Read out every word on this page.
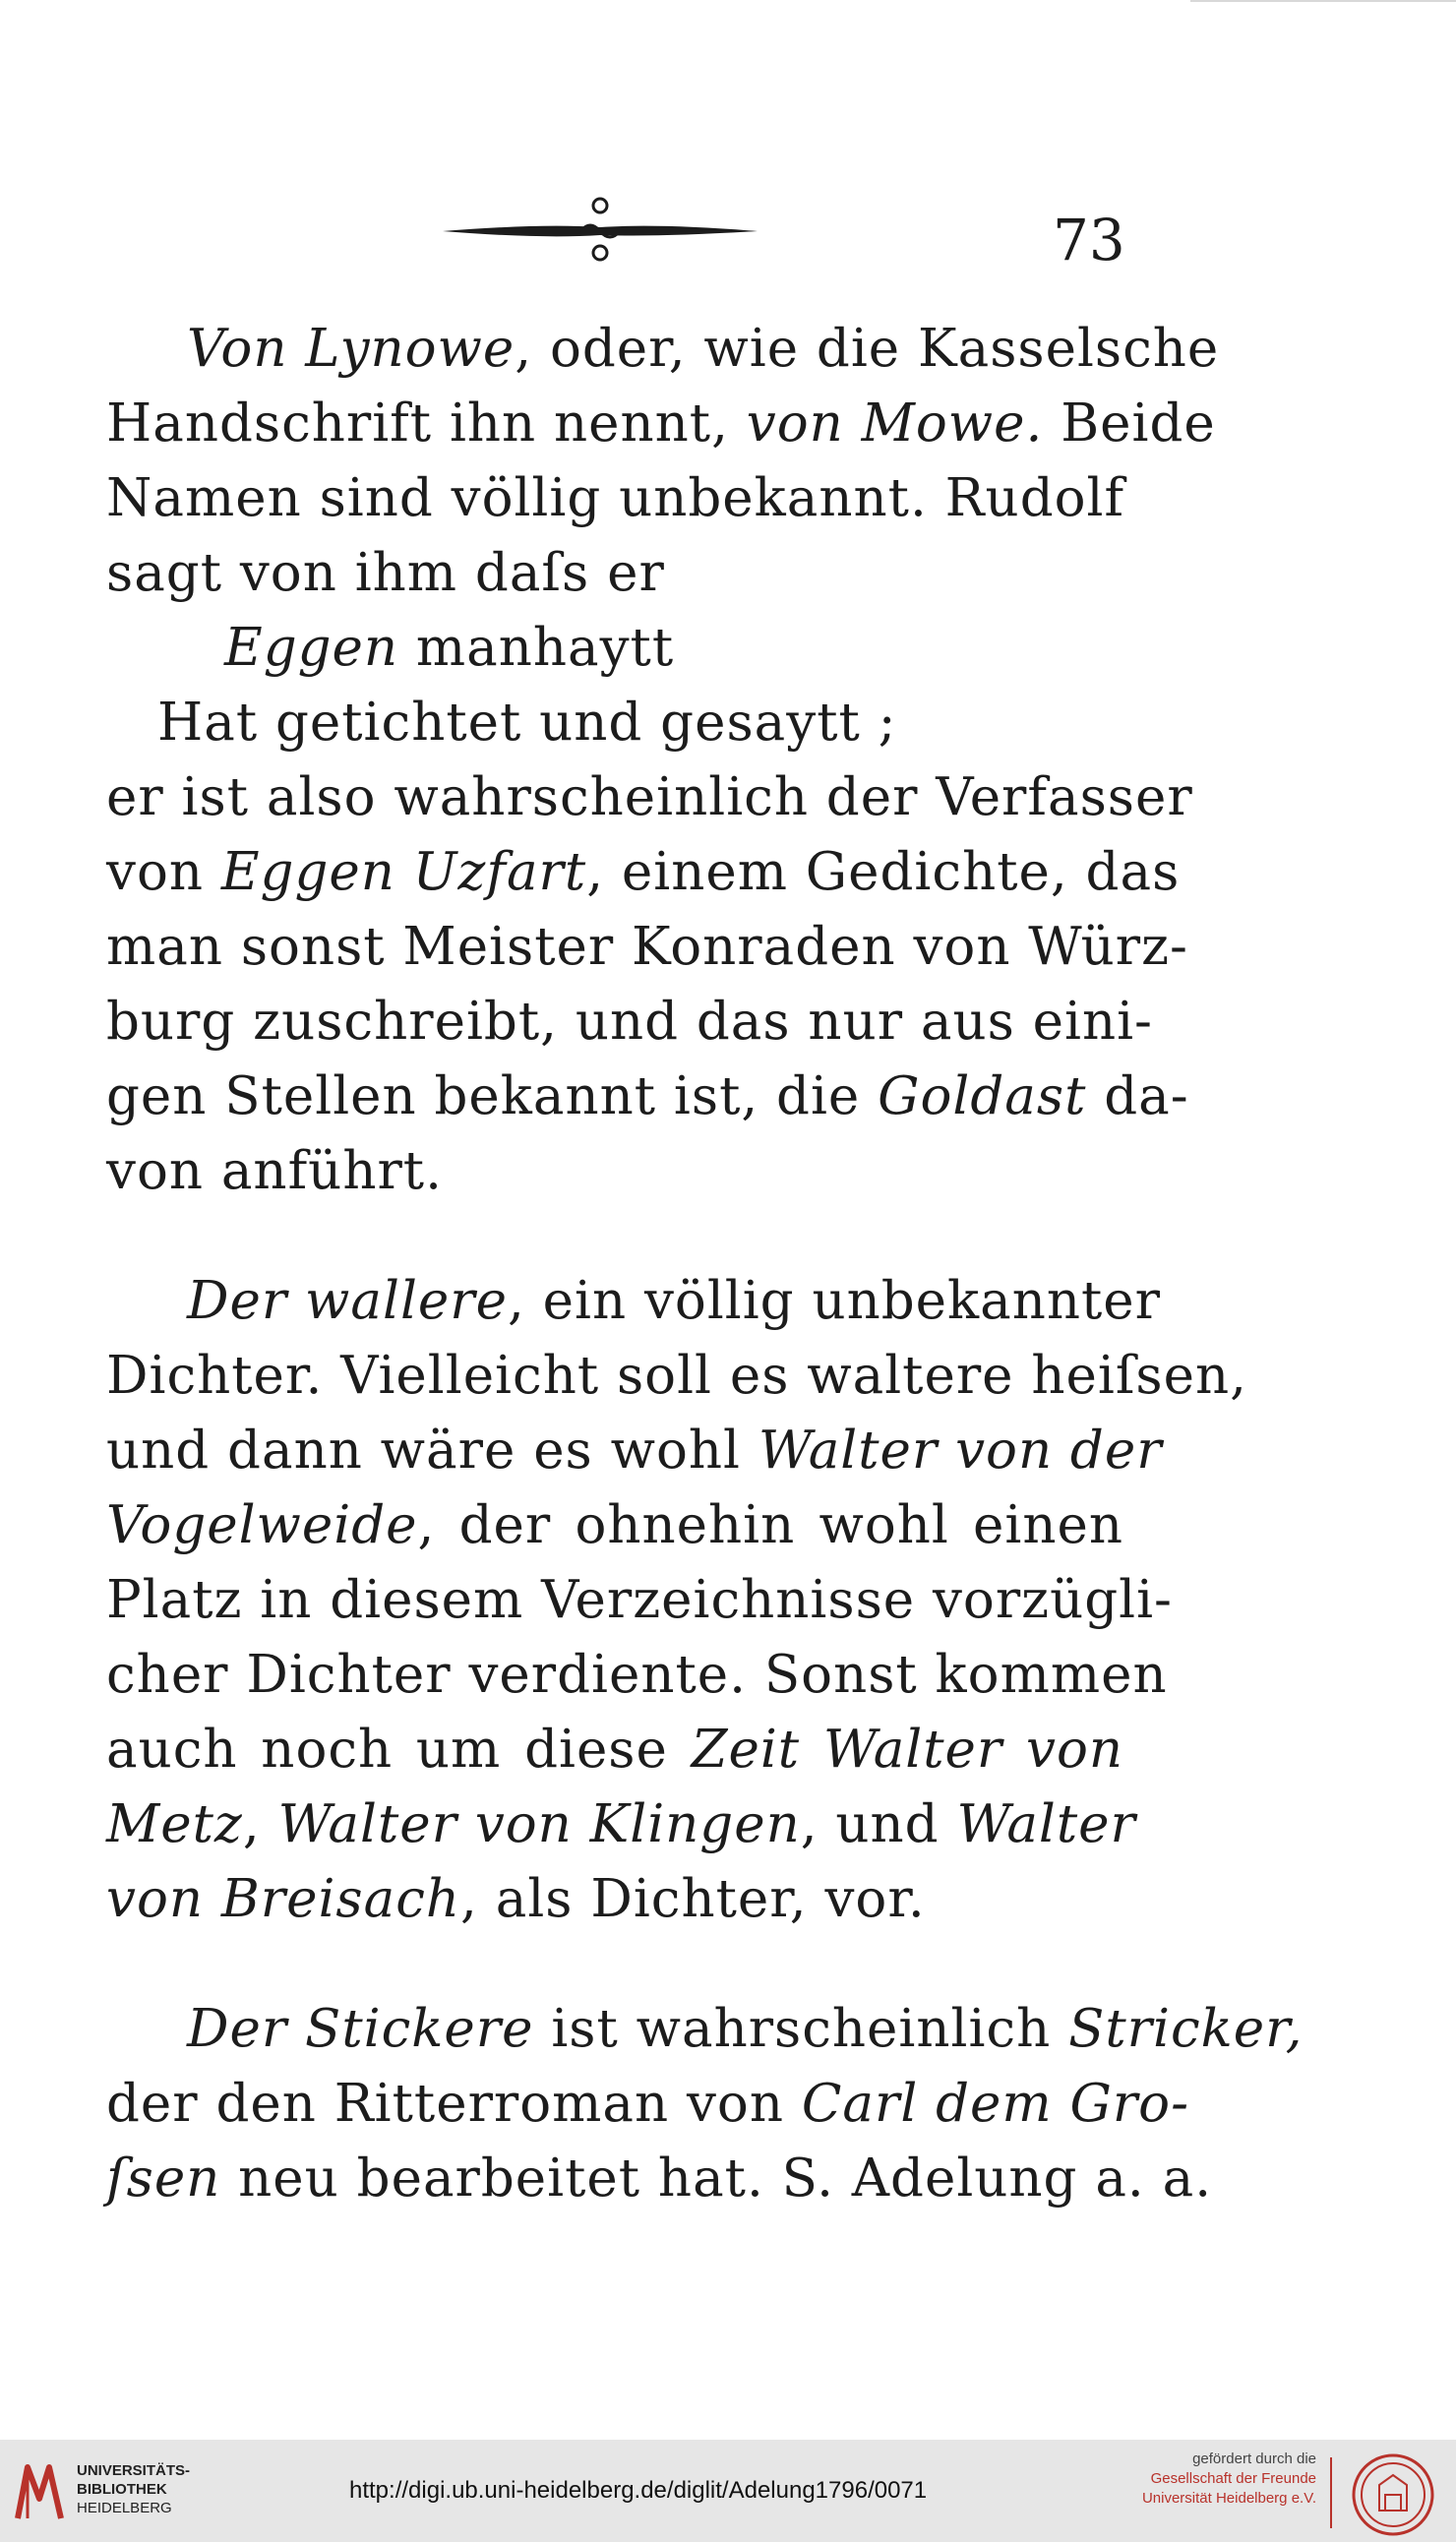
73
Von Lynowe, oder, wie die Kasselsche
Handschrift ihn nennt, von Mowe. Beide
Namen sind völlig unbekannt. Rudolf
sagt von ihm daſs er
Eggen manhaytt
Hat getichtet und gesaytt ;
er ist also wahrscheinlich der Verfasser
von Eggen Uzfart, einem Gedichte, das
man sonst Meister Konraden von Würz-
burg zuschreibt, und das nur aus eini-
gen Stellen bekannt ist, die Goldast da-
von anführt.
Der wallere, ein völlig unbekannter
Dichter. Vielleicht soll es waltere heiſsen,
und dann wäre es wohl Walter von der
Vogelweide, der ohnehin wohl einen
Platz in diesem Verzeichnisse vorzügli-
cher Dichter verdiente. Sonst kommen
auch noch um diese Zeit Walter von
Metz, Walter von Klingen, und Walter
von Breisach, als Dichter, vor.
Der Stickere ist wahrscheinlich Stricker,
der den Ritterroman von Carl dem Gro-
ſsen neu bearbeitet hat. S. Adelung a. a.
UNIVERSITÄTS-
BIBLIOTHEK
HEIDELBERG
http://digi.ub.uni-heidelberg.de/diglit/Adelung1796/0071
gefördert durch die
Gesellschaft der Freunde
Universität Heidelberg e.V.
